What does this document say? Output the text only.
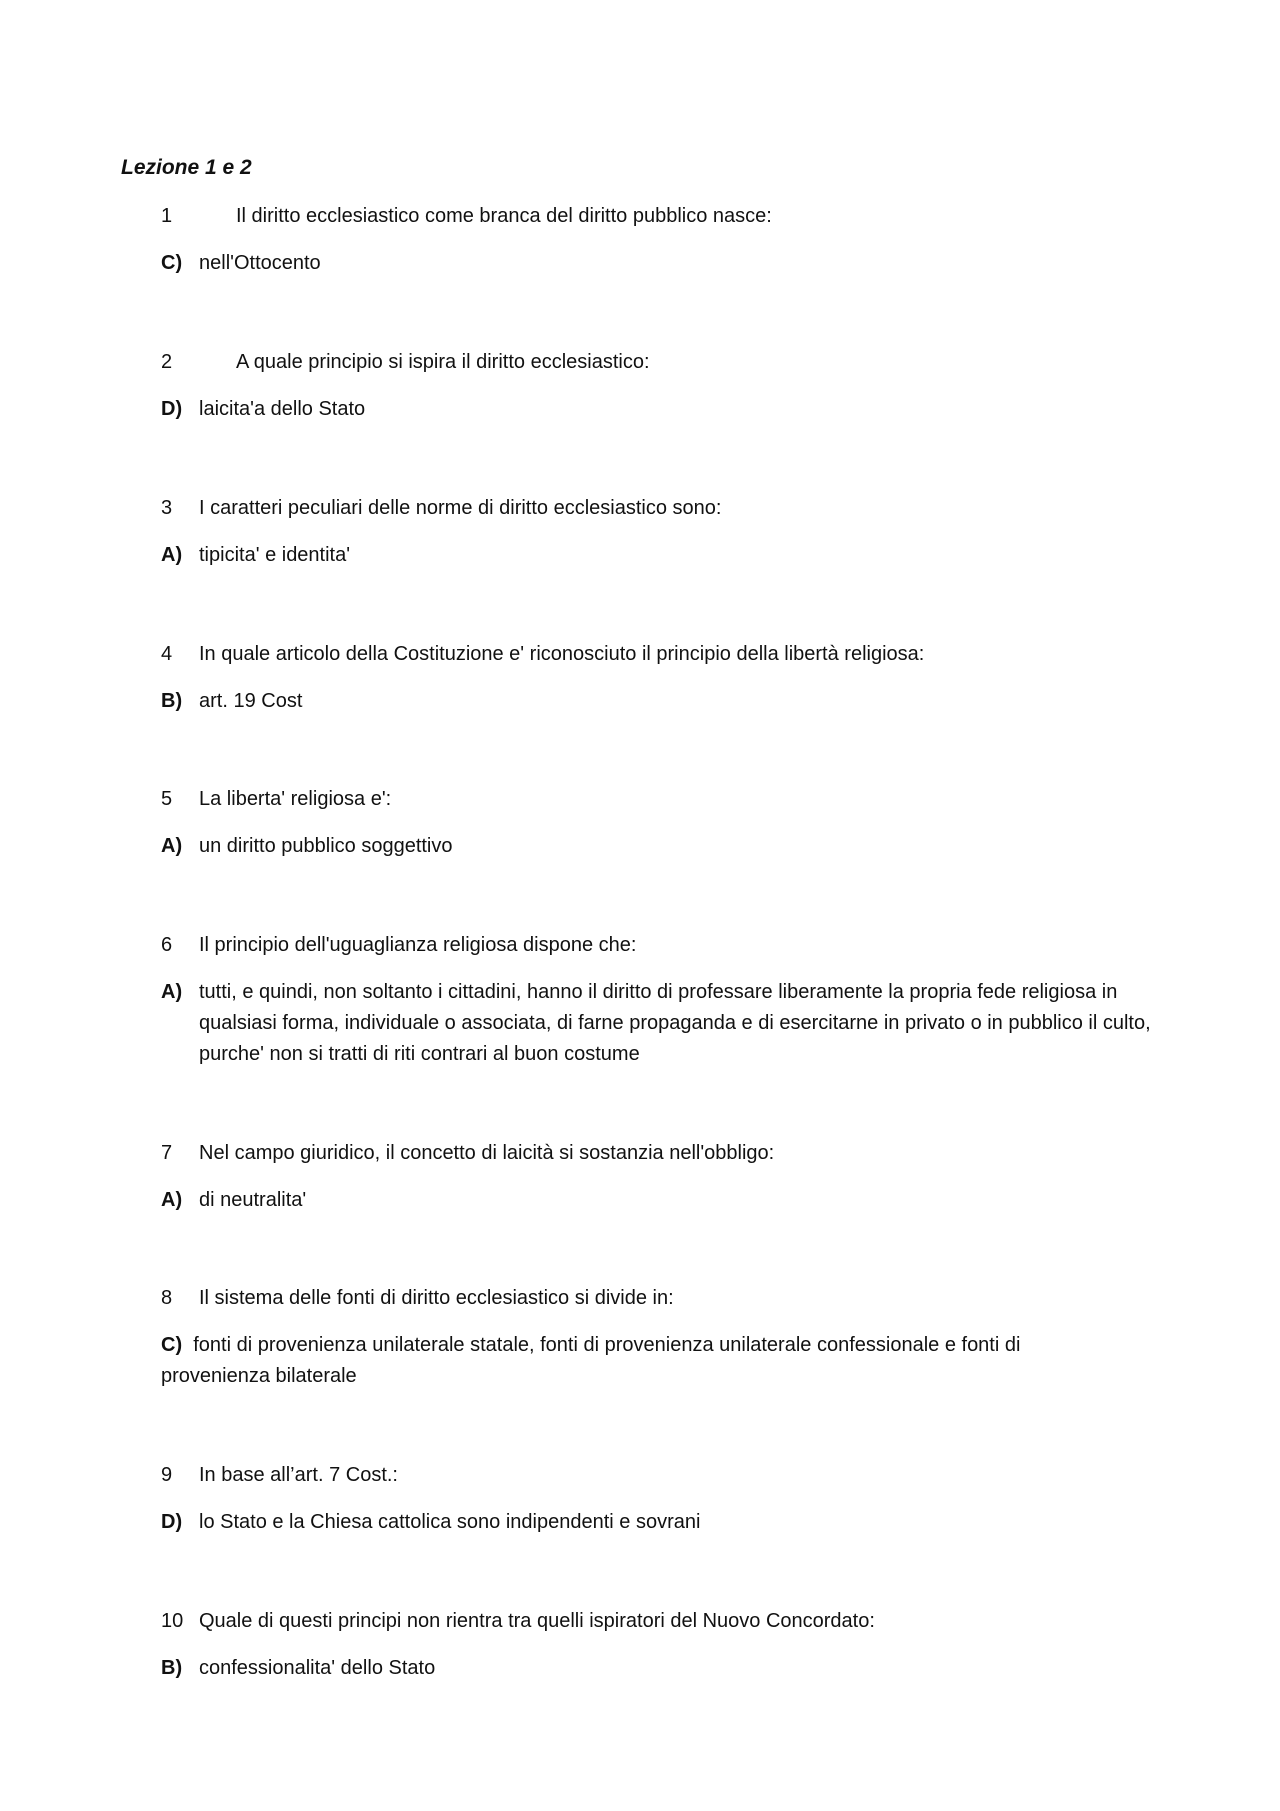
Lezione 1 e 2
1	Il diritto ecclesiastico come branca del diritto pubblico nasce:
C) nell'Ottocento
2	A quale principio si ispira il diritto ecclesiastico:
D) laicita'a dello Stato
3 I caratteri peculiari delle norme di diritto ecclesiastico sono:
A) tipicita' e identita'
4 In quale articolo della Costituzione e' riconosciuto il principio della libertà religiosa:
B) art. 19 Cost
5 La liberta' religiosa e':
A) un diritto pubblico soggettivo
6 Il principio dell'uguaglianza religiosa dispone che:
A) tutti, e quindi, non soltanto i cittadini, hanno il diritto di professare liberamente la propria fede religiosa in qualsiasi forma, individuale o associata, di farne propaganda e di esercitarne in privato o in pubblico il culto, purche' non si tratti di riti contrari al buon costume
7 Nel campo giuridico, il concetto di laicità si sostanzia nell'obbligo:
A) di neutralita'
8 Il sistema delle fonti di diritto ecclesiastico si divide in:
C) fonti di provenienza unilaterale statale, fonti di provenienza unilaterale confessionale e fonti di provenienza bilaterale
9 In base all’art. 7 Cost.:
D) lo Stato e la Chiesa cattolica sono indipendenti e sovrani
10 Quale di questi principi non rientra tra quelli ispiratori del Nuovo Concordato:
B) confessionalita' dello Stato
